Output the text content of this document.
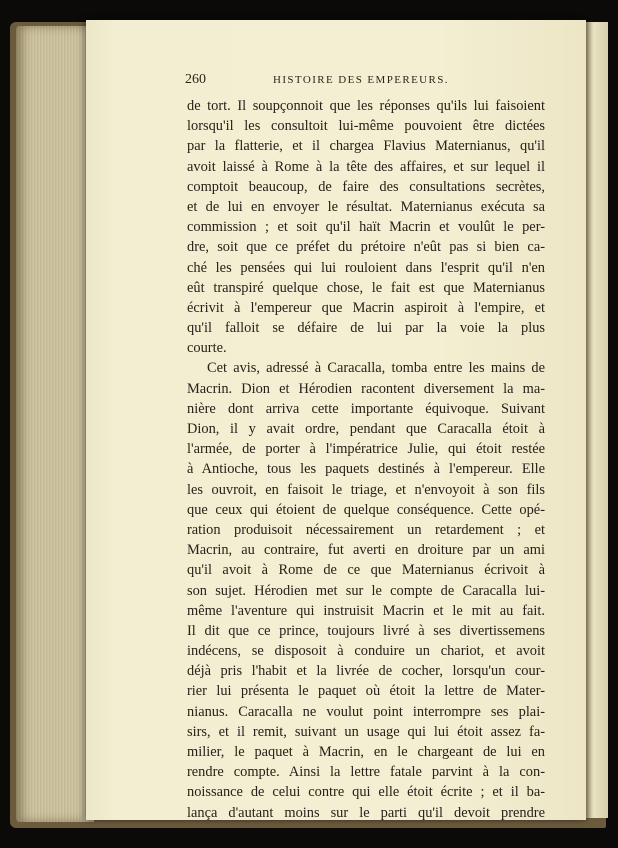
260	HISTOIRE DES EMPEREURS.
de tort. Il soupçonnoit que les réponses qu'ils lui faisoient
lorsqu'il les consultoit lui-même pouvoient être dictées
par la flatterie, et il chargea Flavius Maternianus, qu'il
avoit laissé à Rome à la tête des affaires, et sur lequel il
comptoit beaucoup, de faire des consultations secrètes,
et de lui en envoyer le résultat. Maternianus exécuta sa
commission ; et soit qu'il haït Macrin et voulût le per-
dre, soit que ce préfet du prétoire n'eût pas si bien ca-
ché les pensées qui lui rouloient dans l'esprit qu'il n'en
eût transpiré quelque chose, le fait est que Maternianus
écrivit à l'empereur que Macrin aspiroit à l'empire, et
qu'il falloit se défaire de lui par la voie la plus
courte.
Cet avis, adressé à Caracalla, tomba entre les mains de
Macrin. Dion et Hérodien racontent diversement la ma-
nière dont arriva cette importante équivoque. Suivant
Dion, il y avait ordre, pendant que Caracalla étoit à
l'armée, de porter à l'impératrice Julie, qui étoit restée
à Antioche, tous les paquets destinés à l'empereur. Elle
les ouvroit, en faisoit le triage, et n'envoyoit à son fils
que ceux qui étoient de quelque conséquence. Cette opé-
ration produisoit nécessairement un retardement ; et
Macrin, au contraire, fut averti en droiture par un ami
qu'il avoit à Rome de ce que Maternianus écrivoit à
son sujet. Hérodien met sur le compte de Caracalla lui-
même l'aventure qui instruisit Macrin et le mit au fait.
Il dit que ce prince, toujours livré à ses divertissemens
indécens, se disposoit à conduire un chariot, et avoit
déjà pris l'habit et la livrée de cocher, lorsqu'un cour-
rier lui présenta le paquet où étoit la lettre de Mater-
nianus. Caracalla ne voulut point interrompre ses plai-
sirs, et il remit, suivant un usage qui lui étoit assez fa-
milier, le paquet à Macrin, en le chargeant de lui en
rendre compte. Ainsi la lettre fatale parvint à la con-
noissance de celui contre qui elle étoit écrite ; et il ba-
lança d'autant moins sur le parti qu'il devoit prendre
